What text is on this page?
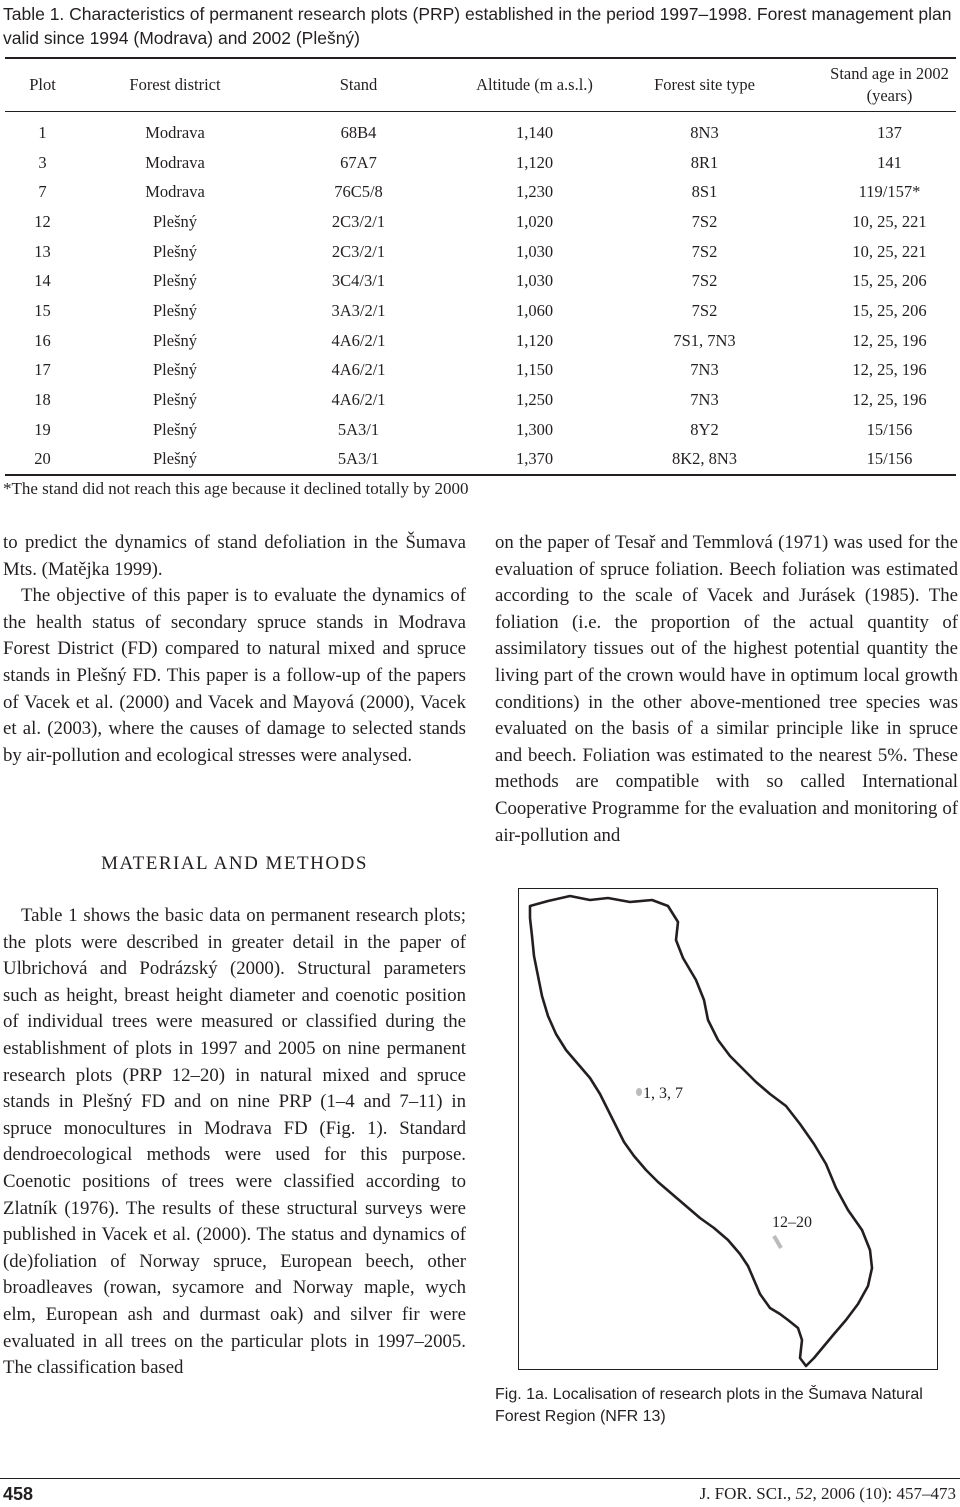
Table 1. Characteristics of permanent research plots (PRP) established in the period 1997–1998. Forest management plan valid since 1994 (Modrava) and 2002 (Plešný)
Plot	Forest district	Stand	Altitude (m a.s.l.)	Forest site type	Stand age in 2002 (years)
1	Modrava	68B4	1,140	8N3	137
3	Modrava	67A7	1,120	8R1	141
7	Modrava	76C5/8	1,230	8S1	119/157*
12	Plešný	2C3/2/1	1,020	7S2	10, 25, 221
13	Plešný	2C3/2/1	1,030	7S2	10, 25, 221
14	Plešný	3C4/3/1	1,030	7S2	15, 25, 206
15	Plešný	3A3/2/1	1,060	7S2	15, 25, 206
16	Plešný	4A6/2/1	1,120	7S1, 7N3	12, 25, 196
17	Plešný	4A6/2/1	1,150	7N3	12, 25, 196
18	Plešný	4A6/2/1	1,250	7N3	12, 25, 196
19	Plešný	5A3/1	1,300	8Y2	15/156
20	Plešný	5A3/1	1,370	8K2, 8N3	15/156
*The stand did not reach this age because it declined totally by 2000

to predict the dynamics of stand defoliation in the Šumava Mts. (Matějka 1999).

The objective of this paper is to evaluate the dynamics of the health status of secondary spruce stands in Modrava Forest District (FD) compared to natural mixed and spruce stands in Plešný FD. This paper is a follow-up of the papers of Vacek et al. (2000) and Vacek and Mayová (2000), Vacek et al. (2003), where the causes of damage to selected stands by air-pollution and ecological stresses were analysed.

MATERIAL AND METHODS

Table 1 shows the basic data on permanent research plots; the plots were described in greater detail in the paper of Ulbrichová and Podrázský (2000). Structural parameters such as height, breast height diameter and coenotic position of individual trees were measured or classified during the establishment of plots in 1997 and 2005 on nine permanent research plots (PRP 12–20) in natural mixed and spruce stands in Plešný FD and on nine PRP (1–4 and 7–11) in spruce monocultures in Modrava FD (Fig. 1). Standard dendroecological methods were used for this purpose. Coenotic positions of trees were classified according to Zlatník (1976). The results of these structural surveys were published in Vacek et al. (2000). The status and dynamics of (de)foliation of Norway spruce, European beech, other broadleaves (rowan, sycamore and Norway maple, wych elm, European ash and durmast oak) and silver fir were evaluated in all trees on the particular plots in 1997–2005. The classification based

on the paper of Tesař and Temmlová (1971) was used for the evaluation of spruce foliation. Beech foliation was estimated according to the scale of Vacek and Jurásek (1985). The foliation (i.e. the proportion of the actual quantity of assimilatory tissues out of the highest potential quantity the living part of the crown would have in optimum local growth conditions) in the other above-mentioned tree species was evaluated on the basis of a similar principle like in spruce and beech. Foliation was estimated to the nearest 5%. These methods are compatible with so called International Cooperative Programme for the evaluation and monitoring of air-pollution and

1, 3, 7
12–20
Fig. 1a. Localisation of research plots in the Šumava Natural Forest Region (NFR 13)
458	J. FOR. SCI., 52, 2006 (10): 457–473
